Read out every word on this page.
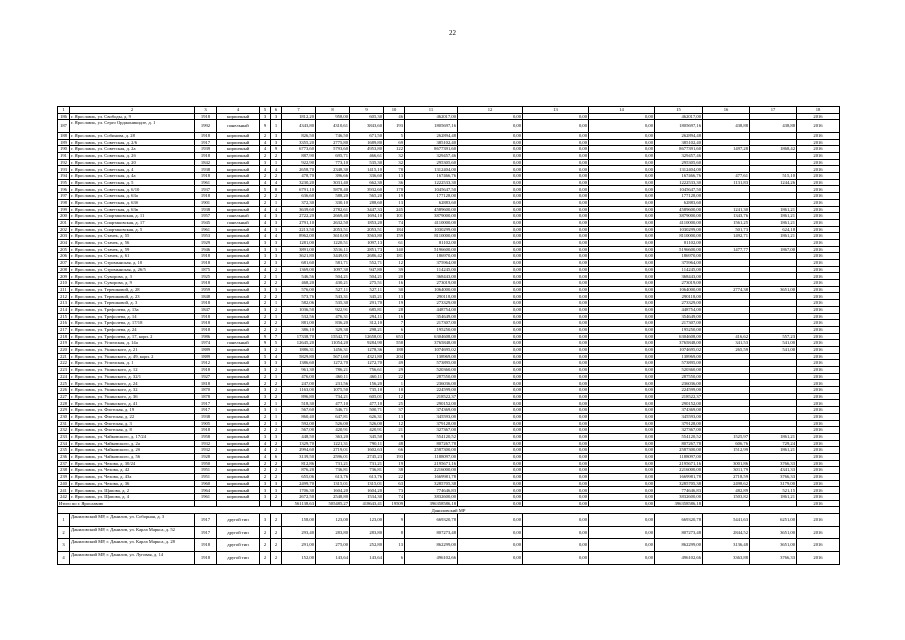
22
1	2	3	4	5	6	7	8	9	10	11	12	13	14	15	16	17	18	
186	г. Ярославль, ул. Свободы, д. 9	1918	кирпичный	3	3	1812,20	958,00	605,30	46	462017,00	0,00	0,00	0,00	462017,00			2016	
187	г. Ярославль, ул. Серго Орджоникидзе, д. 1	1992	панельный	9	1	4343,80	4310,61	3843,60	193	1805697,16	0,00	0,00	0,00	1805697,16	438,88	438,88	2016	
188	г. Ярославль, ул. Собинова, д. 28	1918	кирпичный	2	3	826,50	746,50	671,50	5	262894,48	0,00	0,00	0,00	262894,48			2016	
189	г. Ярославль, ул. Советская, д. 2/6	1917	кирпичный	4	3	3355,20	2775,80	1689,80	69	385102,40	0,00	0,00	0,00	385102,40			2016	
190	г. Ярославль, ул. Советская, д. 2а	1939	кирпичный	4	9	6773,60	5793,60	4953,80	122	8677391,60	0,00	0,00	0,00	8677391,60	1497,28	1868,42	2016	
191	г. Ярославль, ул. Советская, д. 2б	1918	кирпичный	2	2	887,90	695,71	466,61	32	329457,46	0,00	0,00	0,00	329457,46			2016	
192	г. Ярославль, ул. Советская, д. 20	1842	кирпичный	3	1	922,90	773,10	535,30	32	295305,60	0,00	0,00	0,00	295305,60			2016	
193	г. Ярославль, ул. Советская, д. 4	1938	кирпичный	4	4	2658,70	2348,30	1415,10	78	1312404,00	0,00	0,00	0,00	1312404,00			2016	
194	г. Ярославль, ул. Советская, д. 4а	1918	кирпичный	2	2	478,70	396,66	336,60	13	167466,76	0,00	0,00	0,00	167466,76	477,61	515,10	2016	
195	г. Ярославль, ул. Советская, д. 5	1961	кирпичный	4	4	3230,20	3031,40	662,30	36	1222533,30	0,00	0,00	0,00	1222533,30	1131,83	1244,26	2016	
196	г. Ярославль, ул. Советская, д. 6/10	1937	кирпичный	5	8	6791,10	5878,40	3932,60	178	1045647,50	0,00	0,00	0,00	1045647,50			2016	
197	г. Ярославль, ул. Советская, д. 63а	1918	кирпичный	2	2	636,60	588,20	565,20	19	177128,00	0,00	0,00	0,00	177128,00			2016	
198	г. Ярославль, ул. Советская, д. 63б	1901	кирпичный	2	1	372,30	330,10	288,60	13	62883,60	0,00	0,00	0,00	62883,60			2016	
199	г. Ярославль, ул. Советская, д. 63в	1938	кирпичный	4	4	3639,60	2782,61	3447,33	245	4589600,00	0,00	0,00	0,00	4589600,00	1241,30	1861,21	2016	
200	г. Ярославль, ул. Спартаковская, д. 11	1957	панельный	4	3	2722,20	2669,40	1694,10	101	3879000,00	0,00	0,00	0,00	3879000,00	1343,76	1861,21	2016	
201	г. Ярославль, ул. Спартаковская, д. 17	1945	панельный	4	3	2791,10	2632,50	1853,20	74	4110000,00	0,00	0,00	0,00	4110000,00	1561,25	1861,21	2016	
202	г. Ярославль, ул. Спартаковская, д. 5	1961	кирпичный	4	3	2213,50	2053,51	2053,51	184	1030299,00	0,00	0,00	0,00	1030299,00	501,73	624,18	2016	
203	г. Ярославль, ул. Стачек, д. 55	1953	кирпичный	4	4	8962,00	3610,00	3563,80	159	8110000,00	0,00	0,00	0,00	8110000,00	1492,71	1861,21	2016	
204	г. Ярославль, ул. Стачек, д. 56	1929	кирпичный	3	3	1281,00	1220,51	1097,13	61	81102,00	0,00	0,00	0,00	81102,00			2016	
205	г. Ярославль, ул. Стачек, д. 59	1946	кирпичный	3	3	3891,00	3516,11	2851,73	140	5196600,00	0,00	0,00	0,00	5196600,00	1477,77	1867,00	2016	
206	г. Ярославль, ул. Стачек, д. 61	1918	кирпичный	3	3	3621,80	3449,01	2686,42	181	186970,00	0,00	0,00	0,00	186970,00			2016	
207	г. Ярославль, ул. Стромынская, д. 10	1918	кирпичный	2	3	681,60	581,71	552,71	12	375964,00	0,00	0,00	0,00	375964,00			2016	
208	г. Ярославль, ул. Стромынская, д. 26/5	1875	кирпичный	4	2	1369,00	1097,30	947,80	39	114245,00	0,00	0,00	0,00	114245,00			2016	
209	г. Ярославль, ул. Суворова, д. 3	1925	кирпичный	2	1	546,56	504,21	504,21	20	368443,00	0,00	0,00	0,00	368443,00			2016	
210	г. Ярославль, ул. Суворова, д. 9	1918	кирпичный	2	2	468,20	430,21	275,51	16	273019,00	0,00	0,00	0,00	273019,00			2016	
211	г. Ярославль, ул. Терешковой, д. 28	1959	кирпичный	3	3	576,00	527,11	527,11	30	1064000,00	0,00	0,00	0,00	1064000,00	2774,38	3651,00	2016	
212	г. Ярославль, ул. Терешковой, д. 23	1848	кирпичный	2	2	573,76	543,31	345,21	13	290118,00	0,00	0,00	0,00	290118,00			2016	
213	г. Ярославль, ул. Терешковой, д. 3	1918	кирпичный	2	1	582,06	535,30	291,70	19	273329,00	0,00	0,00	0,00	273329,00			2016	
214	г. Ярославль, ул. Трефолева, д. 13а	1847	кирпичный	3	2	1036,50	922,91	685,81	28	448754,00	0,00	0,00	0,00	448754,00			2016	
215	г. Ярославль, ул. Трефолева, д. 14	1918	кирпичный	2	1	532,56	476,31	294,11	16	354649,00	0,00	0,00	0,00	354649,00			2016	
216	г. Ярославль, ул. Трефолева, д. 17/18	1918	кирпичный	2	2	881,00	836,20	312,10	7	217307,00	0,00	0,00	0,00	217307,00			2016	
217	г. Ярославль, ул. Трефолева, д. 24	1918	кирпичный	2	2	386,10	329,30	298,21	6	195250,00	0,00	0,00	0,00	195250,00			2016	
218	г. Ярославль, ул. Трефолева, д. 17, корп. 2	1986	кирпичный	9	7	17338,70	15542,73	12658,01	653	6304608,00	0,00	0,00	0,00	6304608,00	416,62	557,23	2016	
219	г. Ярославль, ул. Угличская, д. 14а	1974	панельный	9	5	12645,20	11054,20	9284,90	558	3765848,00	0,00	0,00	0,00	3765848,00	341,53	541,00	2016	
220	г. Ярославль, ул. Ушинского, д. 21	1889	кирпичный	3	2	1886,31	1456,31	1278,36	188	1074695,02	0,00	0,00	0,00	1074695,02	265,59	541,00	2016	
221	г. Ярославль, ул. Ушинского, д. 49, корп. 2	1889	кирпичный	5	4	5829,80	5671,60	4321,80	204	138969,00	0,00	0,00	0,00	138969,00			2016	
222	г. Ярославль, ул. Угличская, д. 1	1912	кирпичный	3	3	1386,60	1272,70	1272,70	49	573895,00	0,00	0,00	0,00	573895,00			2016	
223	г. Ярославль, ул. Ушинского, д. 12	1918	кирпичный	3	2	961,30	786,21	756,61	29	520360,00	0,00	0,00	0,00	520360,00			2016	
224	г. Ярославль, ул. Ушинского, д. 32/1	1927	кирпичный	2	1	476,00	460,11	460,11	22	287550,00	0,00	0,00	0,00	287550,00			2016	
225	г. Ярославль, ул. Ушинского, д. 24	1818	кирпичный	2	2	247,00	231,56	156,20	1	236036,00	0,00	0,00	0,00	236036,00			2016	
226	г. Ярославль, ул. Ушинского, д. 32	1870	кирпичный	3	2	1163,00	1075,50	735,10	18	224599,00	0,00	0,00	0,00	224599,00			2016	
227	г. Ярославль, ул. Ушинского, д. 36	1878	кирпичный	3	2	896,80	734,21	605,01	12	218522,37	0,00	0,00	0,00	218522,37			2016	
228	г. Ярославль, ул. Ушинского, д. 41	1917	кирпичный	2	1	518,30	477,10	477,10	25	290152,00	0,00	0,00	0,00	290152,00			2016	
229	г. Ярославль, ул. Флотская, д. 19	1917	кирпичный	3	1	567,60	546,71	500,71	37	374369,00	0,00	0,00	0,00	374369,00			2016	
230	г. Ярославль, ул. Флотская, д. 22	1938	кирпичный	2	1	860,40	647,81	626,31	13	345593,00	0,00	0,00	0,00	345593,00			2016	
231	г. Ярославль, ул. Флотская, д. 3	1905	кирпичный	2	1	592,00	526,00	526,00	12	379128,00	0,00	0,00	0,00	379128,00			2016	
232	г. Ярославль, ул. Флотская, д. 8	1918	кирпичный	2	2	567,00	420,91	420,91	21	327367,00	0,00	0,00	0,00	327367,00			2016	
233	г. Ярославль, ул. Чайковского, д. 17/24	1958	кирпичный	3	3	448,50	363,20	345,50	9	554120,52	0,00	0,00	0,00	554120,52	1525,97	1861,21	2016	
234	г. Ярославль, ул. Чайковского, д. 2а	1932	кирпичный	4	2	1329,70	1221,31	790,11	48	807267,78	0,00	0,00	0,00	807267,78	606,76	729,24	2016	
235	г. Ярославль, ул. Чайковского, д. 2б	1932	кирпичный	4	2	2994,60	2719,01	1602,63	66	2587300,00	0,00	0,00	0,00	2587300,00	1512,99	1861,21	2016	
236	г. Ярославль, ул. Чайковского, д. 56	1928	кирпичный	4	6	3139,50	2596,01	2745,23	193	1188097,00	0,00	0,00	0,00	1188097,00			2016	
237	г. Ярославль, ул. Чехова, д. 30/24	1950	кирпичный	2	2	812,86	731,21	731,21	19	2195671,16	0,00	0,00	0,00	2195671,16	3001,86	3766,33	2016	
238	г. Ярославль, ул. Чехова, д. 42	1951	кирпичный	2	2	876,20	736,81	736,81	38	2216000,00	0,00	0,00	0,00	2216000,00	3011,79	4341,33	2016	
239	г. Ярославль, ул. Чехова, д. 43а	1951	кирпичный	2	2	655,06	613,76	613,76	22	1669981,78	0,00	0,00	0,00	1669981,78	2718,59	3766,33	2016	
240	г. Ярославль, ул. Чехова, д. 36	1960	кирпичный	3	3	2499,70	1315,01	1315,01	63	3285705,38	0,00	0,00	0,00	3285705,38	2498,62	3179,00	2016	
241	г. Ярославль, ул. Щапова, д. 2	1964	кирпичный	3	3	1706,30	1604,20	1604,20	73	774646,83	0,00	0,00	0,00	774646,83	482,89	521,15	2016	
242	г. Ярославль, ул. Щапова, д. 4	1961	кирпичный	3	2	2672,50	2548,80	1534,30	74	3832600,00	0,00	0,00	0,00	3832600,00	1503,82	1861,21	2016	
Итого по г. Ярославлю						561138,63	505485,27	418643,41	19509	396358586,18	0,00	0,00	0,00	396358586,18			2016	
Даниловский МР																		
1	Даниловский МР, г. Данилов, ул. Соборная, д. 3	1917	другой тип	3	2	158,00	123,00	123,00	9	669320,78	0,00	0,00	0,00	669320,78	5441,63	6251,00	2016	
2	Даниловский МР, г. Данилов, ул. Карла Маркса, д. 52	1917	другой тип	2	2	293,40	283,80	283,80	8	807273,48	0,00	0,00	0,00	807273,48	2844,52	3651,00	2016	
3	Даниловский МР, г. Данилов, ул. Карла Маркса, д. 28	1918	другой тип	2	2	291,00	275,00	252,80	13	862299,00	0,00	0,00	0,00	862299,00	3136,48	3651,00	2016	
4	Даниловский МР, г. Данилов, ул. Луговая, д. 14	1918	другой тип	2	2	152,00	143,64	143,64	6	496102,66	0,00	0,00	0,00	496102,66	3363,88	3766,33	2016	
